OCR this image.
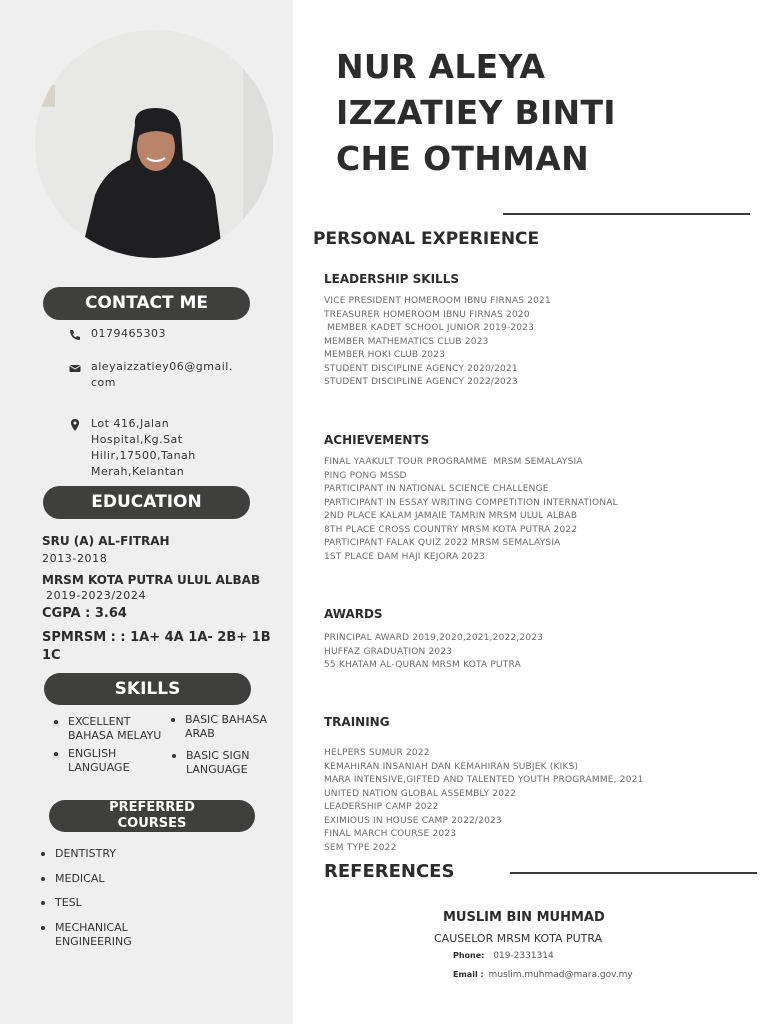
CONTACT ME
0179465303
aleyaizzatiey06@gmail.
com
Lot 416,Jalan
Hospital,Kg.Sat
Hilir,17500,Tanah
Merah,Kelantan
EDUCATION
SRU (A) AL-FITRAH
2013-2018
MRSM KOTA PUTRA ULUL ALBAB
2019-2023/2024
CGPA : 3.64
SPMRSM : : 1A+ 4A 1A- 2B+ 1B
1C
SKILLS
EXCELLENT
BAHASA MELAYU
BASIC BAHASA
ARAB
ENGLISH
LANGUAGE
BASIC SIGN
LANGUAGE
PREFERRED
COURSES
DENTISTRY
MEDICAL
TESL
MECHANICAL
ENGINEERING
NUR ALEYA
IZZATIEY BINTI
CHE OTHMAN
PERSONAL EXPERIENCE
LEADERSHIP SKILLS
VICE PRESIDENT HOMEROOM IBNU FIRNAS 2021
TREASURER HOMEROOM IBNU FIRNAS 2020
MEMBER KADET SCHOOL JUNIOR 2019-2023
MEMBER MATHEMATICS CLUB 2023
MEMBER HOKI CLUB 2023
STUDENT DISCIPLINE AGENCY 2020/2021
STUDENT DISCIPLINE AGENCY 2022/2023
ACHIEVEMENTS
FINAL YAAKULT TOUR PROGRAMME  MRSM SEMALAYSIA
PING PONG MSSD
PARTICIPANT IN NATIONAL SCIENCE CHALLENGE
PARTICIPANT IN ESSAY WRITING COMPETITION INTERNATIONAL
2ND PLACE KALAM JAMAIE TAMRIN MRSM ULUL ALBAB
8TH PLACE CROSS COUNTRY MRSM KOTA PUTRA 2022
PARTICIPANT FALAK QUIZ 2022 MRSM SEMALAYSIA
1ST PLACE DAM HAJI KEJORA 2023
AWARDS
PRINCIPAL AWARD 2019,2020,2021,2022,2023
HUFFAZ GRADUATION 2023
55 KHATAM AL-QURAN MRSM KOTA PUTRA
TRAINING
HELPERS SUMUR 2022
KEMAHIRAN INSANIAH DAN KEMAHIRAN SUBJEK (KIKS)
MARA INTENSIVE,GIFTED AND TALENTED YOUTH PROGRAMME, 2021
UNITED NATION GLOBAL ASSEMBLY 2022
LEADERSHIP CAMP 2022
EXIMIOUS IN HOUSE CAMP 2022/2023
FINAL MARCH COURSE 2023
SEM TYPE 2022
REFERENCES
MUSLIM BIN MUHMAD
CAUSELOR MRSM KOTA PUTRA
Phone: 019-2331314
Email : muslim.muhmad@mara.gov.my
